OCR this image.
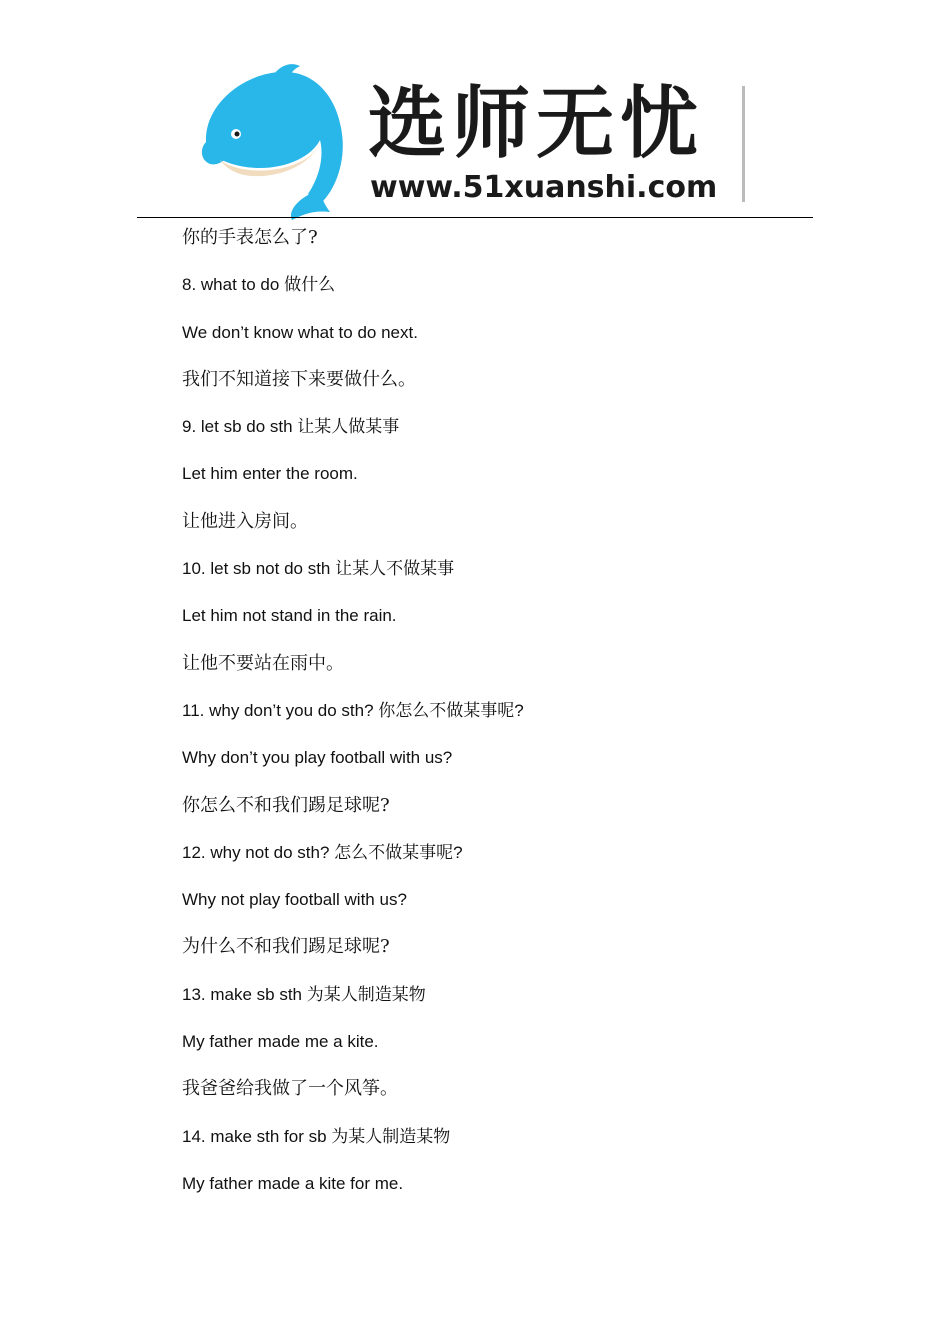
选师无忧
www.51xuanshi.com
你的手表怎么了?
8. what to do 做什么
We don’t know what to do next.
我们不知道接下来要做什么。
9. let sb do sth 让某人做某事
Let him enter the room.
让他进入房间。
10. let sb not do sth 让某人不做某事
Let him not stand in the rain.
让他不要站在雨中。
11. why don’t you do sth? 你怎么不做某事呢?
Why don’t you play football with us?
你怎么不和我们踢足球呢?
12. why not do sth? 怎么不做某事呢?
Why not play football with us?
为什么不和我们踢足球呢?
13. make sb sth 为某人制造某物
My father made me a kite.
我爸爸给我做了一个风筝。
14. make sth for sb 为某人制造某物
My father made a kite for me.
